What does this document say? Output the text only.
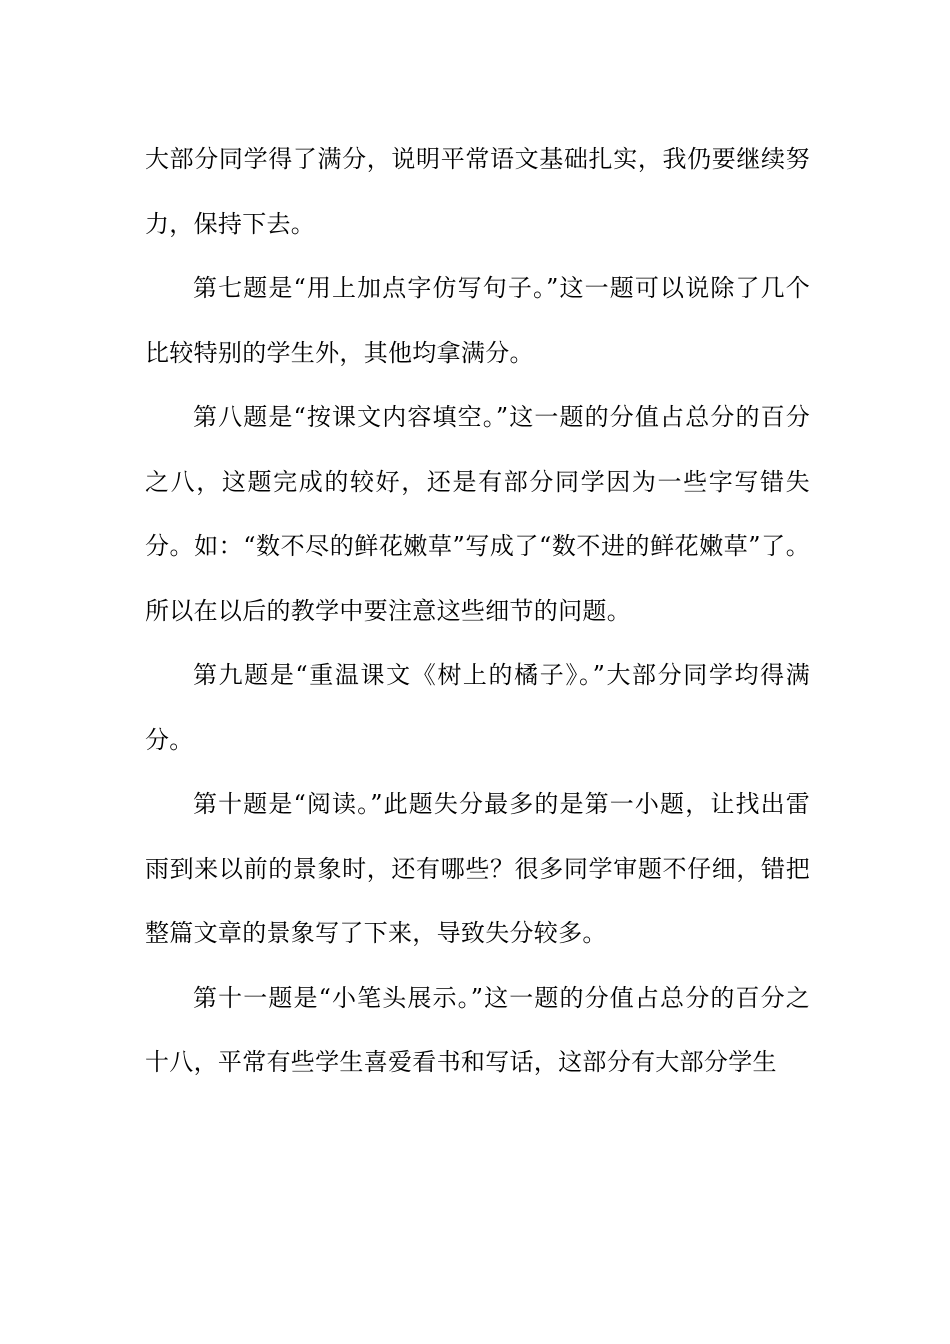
大部分同学得了满分，说明平常语文基础扎实，我仍要继续努力，保持下去。

第七题是“用上加点字仿写句子。”这一题可以说除了几个比较特别的学生外，其他均拿满分。

第八题是“按课文内容填空。”这一题的分值占总分的百分之八，这题完成的较好，还是有部分同学因为一些字写错失分。如：“数不尽的鲜花嫩草”写成了“数不进的鲜花嫩草”了。所以在以后的教学中要注意这些细节的问题。

第九题是“重温课文《树上的橘子》。”大部分同学均得满分。

第十题是“阅读。”此题失分最多的是第一小题，让找出雷雨到来以前的景象时，还有哪些？很多同学审题不仔细，错把整篇文章的景象写了下来，导致失分较多。

第十一题是“小笔头展示。”这一题的分值占总分的百分之十八，平常有些学生喜爱看书和写话，这部分有大部分学生
